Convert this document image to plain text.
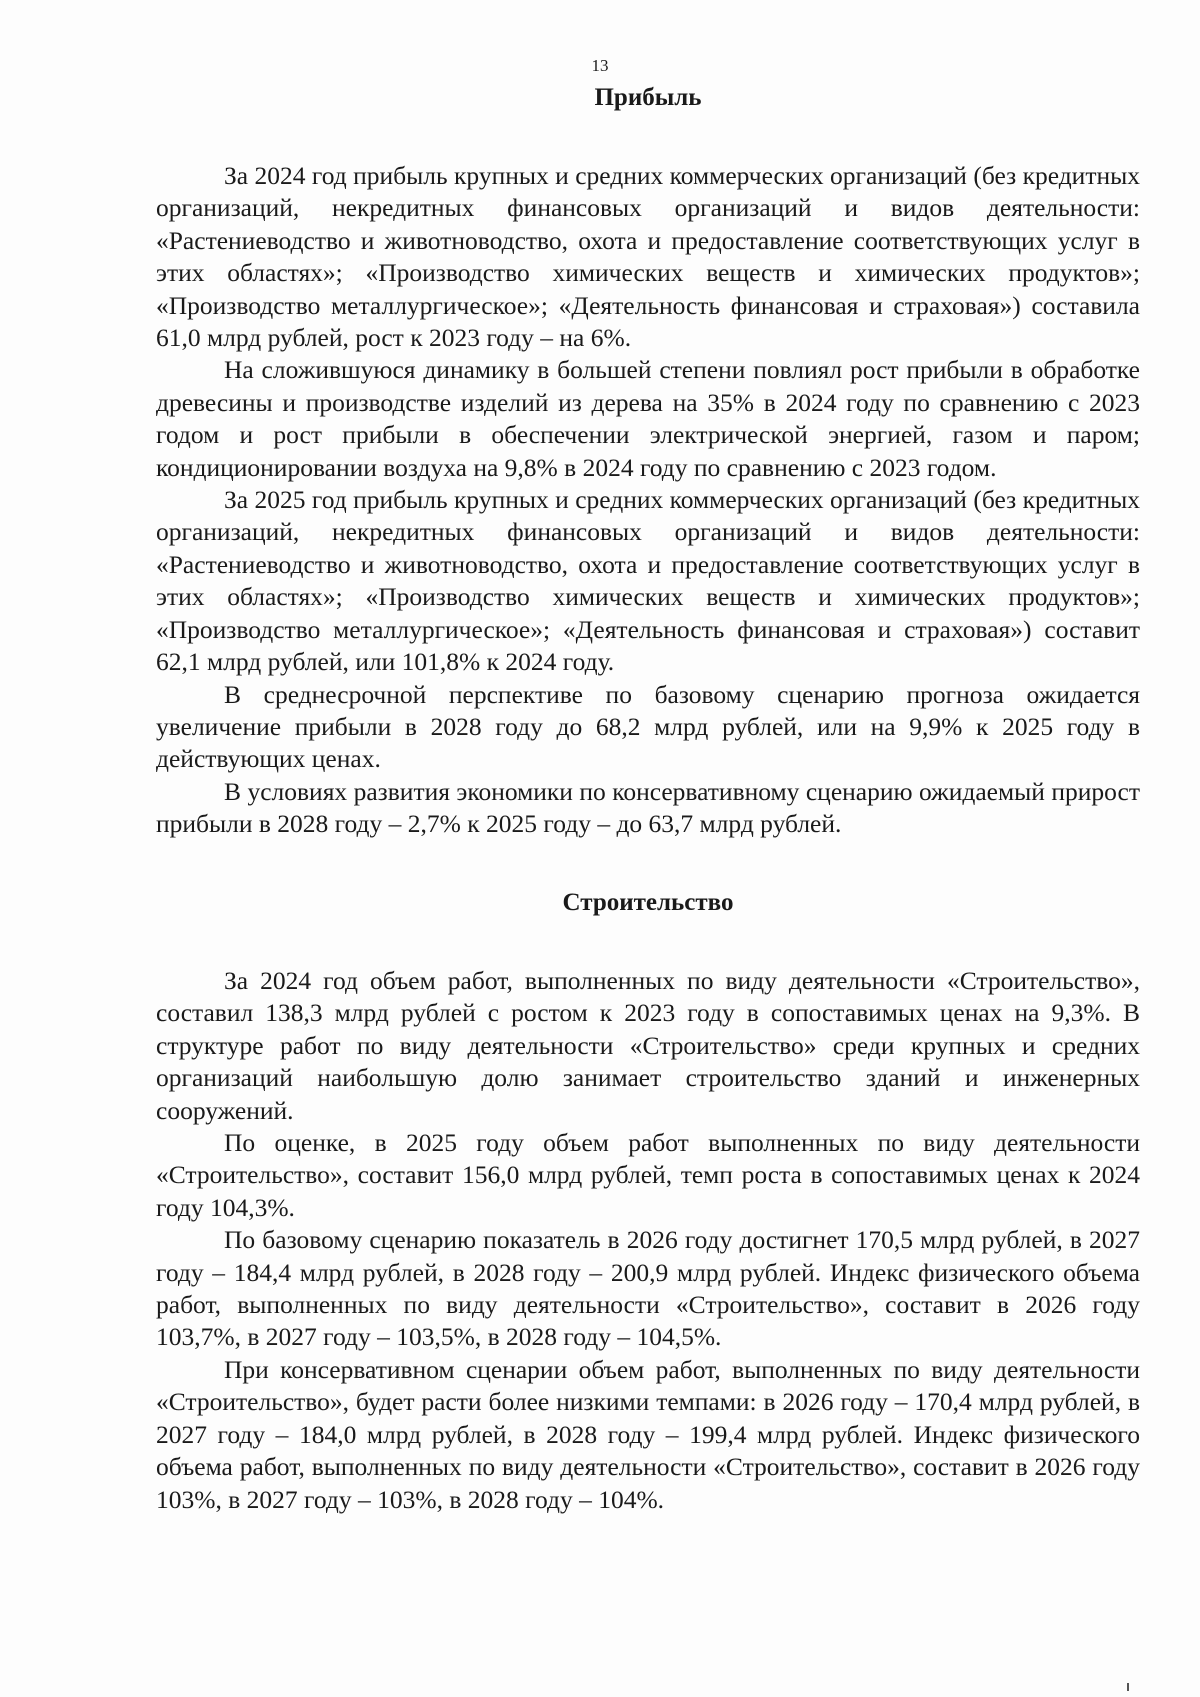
13
Прибыль

За 2024 год прибыль крупных и средних коммерческих организаций (без кредитных организаций, некредитных финансовых организаций и видов деятельности: «Растениеводство и животноводство, охота и предоставление соответствующих услуг в этих областях»; «Производство химических веществ и химических продуктов»; «Производство металлургическое»; «Деятельность финансовая и страховая») составила 61,0 млрд рублей, рост к 2023 году – на 6%.

На сложившуюся динамику в большей степени повлиял рост прибыли в обработке древесины и производстве изделий из дерева на 35% в 2024 году по сравнению с 2023 годом и рост прибыли в обеспечении электрической энергией, газом и паром; кондиционировании воздуха на 9,8% в 2024 году по сравнению с 2023 годом.

За 2025 год прибыль крупных и средних коммерческих организаций (без кредитных организаций, некредитных финансовых организаций и видов деятельности: «Растениеводство и животноводство, охота и предоставление соответствующих услуг в этих областях»; «Производство химических веществ и химических продуктов»; «Производство металлургическое»; «Деятельность финансовая и страховая») составит 62,1 млрд рублей, или 101,8% к 2024 году.

В среднесрочной перспективе по базовому сценарию прогноза ожидается увеличение прибыли в 2028 году до 68,2 млрд рублей, или на 9,9% к 2025 году в действующих ценах.

В условиях развития экономики по консервативному сценарию ожидаемый прирост прибыли в 2028 году – 2,7% к 2025 году – до 63,7 млрд рублей.

Строительство

За 2024 год объем работ, выполненных по виду деятельности «Строительство», составил 138,3 млрд рублей с ростом к 2023 году в сопоставимых ценах на 9,3%. В структуре работ по виду деятельности «Строительство» среди крупных и средних организаций наибольшую долю занимает строительство зданий и инженерных сооружений.

По оценке, в 2025 году объем работ выполненных по виду деятельности «Строительство», составит 156,0 млрд рублей, темп роста в сопоставимых ценах к 2024 году 104,3%.

По базовому сценарию показатель в 2026 году достигнет 170,5 млрд рублей, в 2027 году – 184,4 млрд рублей, в 2028 году – 200,9 млрд рублей. Индекс физического объема работ, выполненных по виду деятельности «Строительство», составит в 2026 году 103,7%, в 2027 году – 103,5%, в 2028 году – 104,5%.

При консервативном сценарии объем работ, выполненных по виду деятельности «Строительство», будет расти более низкими темпами: в 2026 году – 170,4 млрд рублей, в 2027 году – 184,0 млрд рублей, в 2028 году – 199,4 млрд рублей. Индекс физического объема работ, выполненных по виду деятельности «Строительство», составит в 2026 году 103%, в 2027 году – 103%, в 2028 году – 104%.
